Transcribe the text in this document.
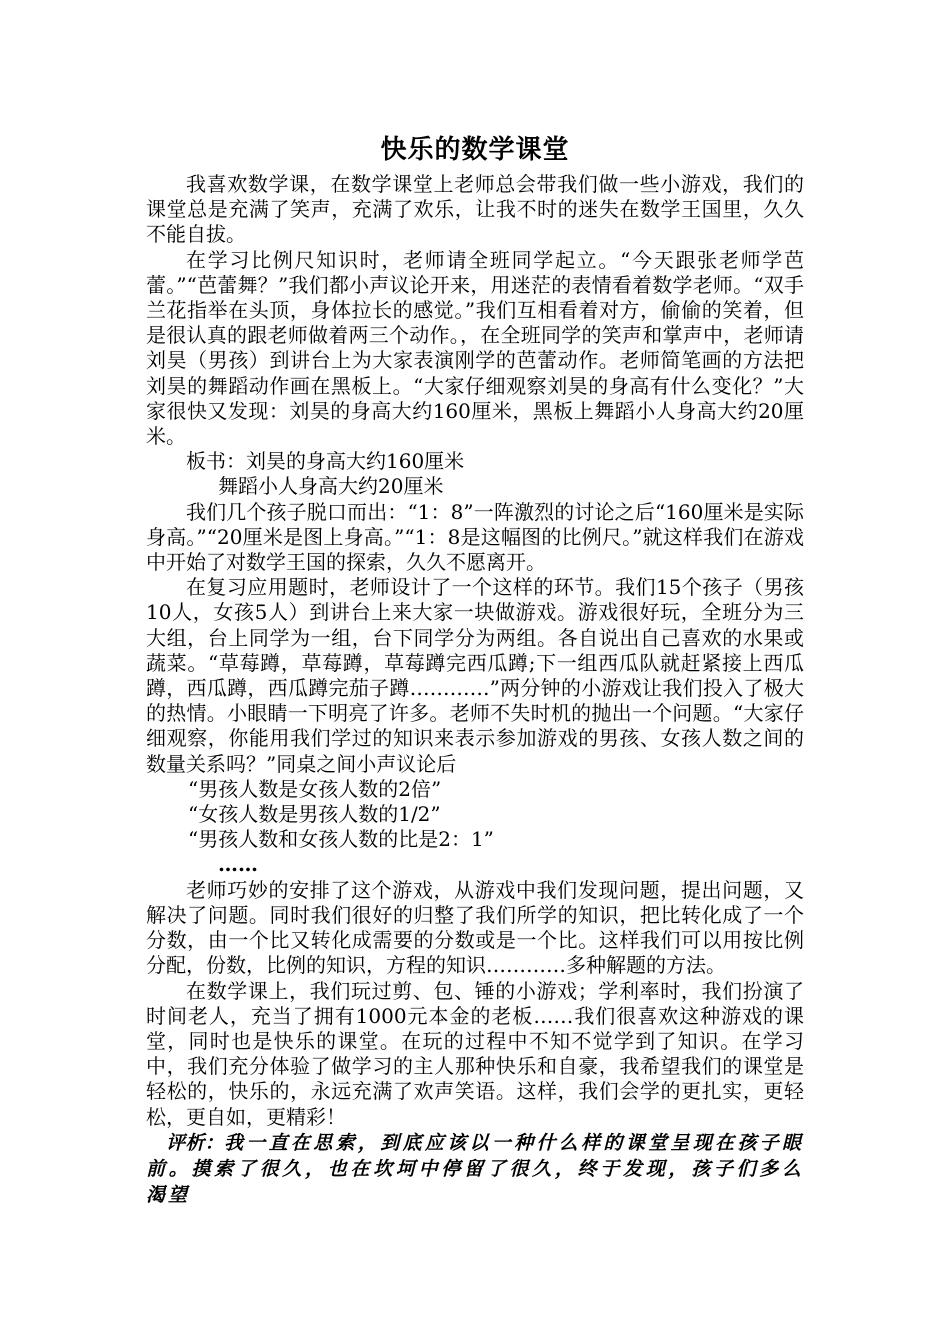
快乐的数学课堂

我喜欢数学课，在数学课堂上老师总会带我们做一些小游戏，我们的课堂总是充满了笑声，充满了欢乐，让我不时的迷失在数学王国里，久久不能自拔。

在学习比例尺知识时，老师请全班同学起立。“今天跟张老师学芭蕾。”“芭蕾舞？”我们都小声议论开来，用迷茫的表情看着数学老师。“双手兰花指举在头顶，身体拉长的感觉。”我们互相看着对方，偷偷的笑着，但是很认真的跟老师做着两三个动作。，在全班同学的笑声和掌声中，老师请刘昊（男孩）到讲台上为大家表演刚学的芭蕾动作。老师简笔画的方法把刘昊的舞蹈动作画在黑板上。“大家仔细观察刘昊的身高有什么变化？”大家很快又发现：刘昊的身高大约160厘米，黑板上舞蹈小人身高大约20厘米。

板书：刘昊的身高大约160厘米

舞蹈小人身高大约20厘米

我们几个孩子脱口而出：“1：8”一阵激烈的讨论之后“160厘米是实际身高。”“20厘米是图上身高。”“1：8是这幅图的比例尺。”就这样我们在游戏中开始了对数学王国的探索，久久不愿离开。

在复习应用题时，老师设计了一个这样的环节。我们15个孩子（男孩10人，女孩5人）到讲台上来大家一块做游戏。游戏很好玩，全班分为三大组，台上同学为一组，台下同学分为两组。各自说出自己喜欢的水果或蔬菜。“草莓蹲，草莓蹲，草莓蹲完西瓜蹲;下一组西瓜队就赶紧接上西瓜蹲，西瓜蹲，西瓜蹲完茄子蹲…………”两分钟的小游戏让我们投入了极大的热情。小眼睛一下明亮了许多。老师不失时机的抛出一个问题。“大家仔细观察，你能用我们学过的知识来表示参加游戏的男孩、女孩人数之间的数量关系吗？”同桌之间小声议论后

“男孩人数是女孩人数的2倍”

“女孩人数是男孩人数的1/2”

“男孩人数和女孩人数的比是2：1”

……

老师巧妙的安排了这个游戏，从游戏中我们发现问题，提出问题，又解决了问题。同时我们很好的归整了我们所学的知识，把比转化成了一个分数，由一个比又转化成需要的分数或是一个比。这样我们可以用按比例分配，份数，比例的知识，方程的知识…………多种解题的方法。

在数学课上，我们玩过剪、包、锤的小游戏；学利率时，我们扮演了时间老人，充当了拥有1000元本金的老板……我们很喜欢这种游戏的课堂，同时也是快乐的课堂。在玩的过程中不知不觉学到了知识。在学习中，我们充分体验了做学习的主人那种快乐和自豪，我希望我们的课堂是轻松的，快乐的，永远充满了欢声笑语。这样，我们会学的更扎实，更轻松，更自如，更精彩！

评析：我一直在思索，到底应该以一种什么样的课堂呈现在孩子眼前。摸索了很久，也在坎坷中停留了很久，终于发现，孩子们多么渴望
